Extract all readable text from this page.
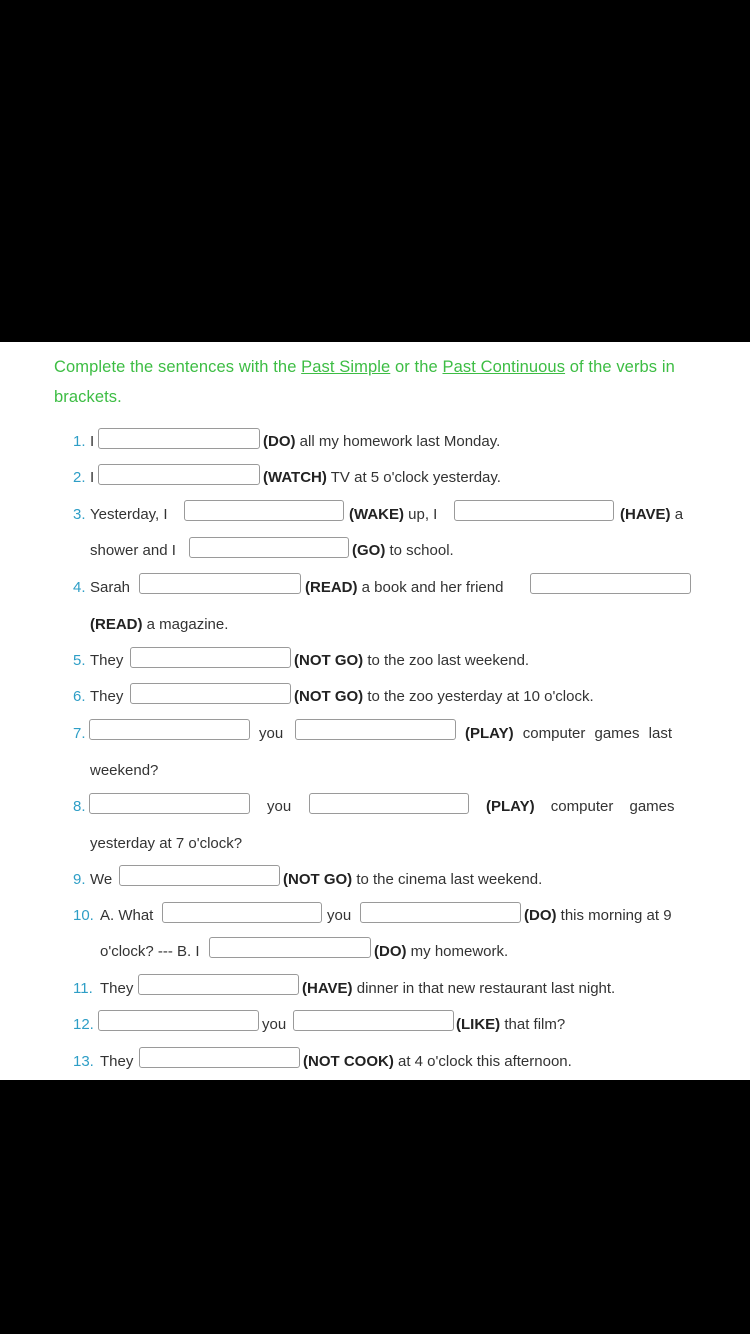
Complete the sentences with the Past Simple or the Past Continuous of the verbs in brackets.
1. I	(DO) all my homework last Monday.
2. I	(WATCH) TV at 5 o'clock yesterday.
3. Yesterday, I	(WAKE) up, I	(HAVE) a
shower and I	(GO) to school.
4. Sarah	(READ) a book and her friend
(READ) a magazine.
5. They	(NOT GO) to the zoo last weekend.
6. They	(NOT GO) to the zoo yesterday at 10 o'clock.
7.	you	(PLAY) computer games last
weekend?
8.	you	(PLAY) computer games
yesterday at 7 o'clock?
9. We	(NOT GO) to the cinema last weekend.
10. A. What	you	(DO) this morning at 9
o'clock? --- B. I	(DO) my homework.
11. They	(HAVE) dinner in that new restaurant last night.
12.	you	(LIKE) that film?
13. They	(NOT COOK) at 4 o'clock this afternoon.
